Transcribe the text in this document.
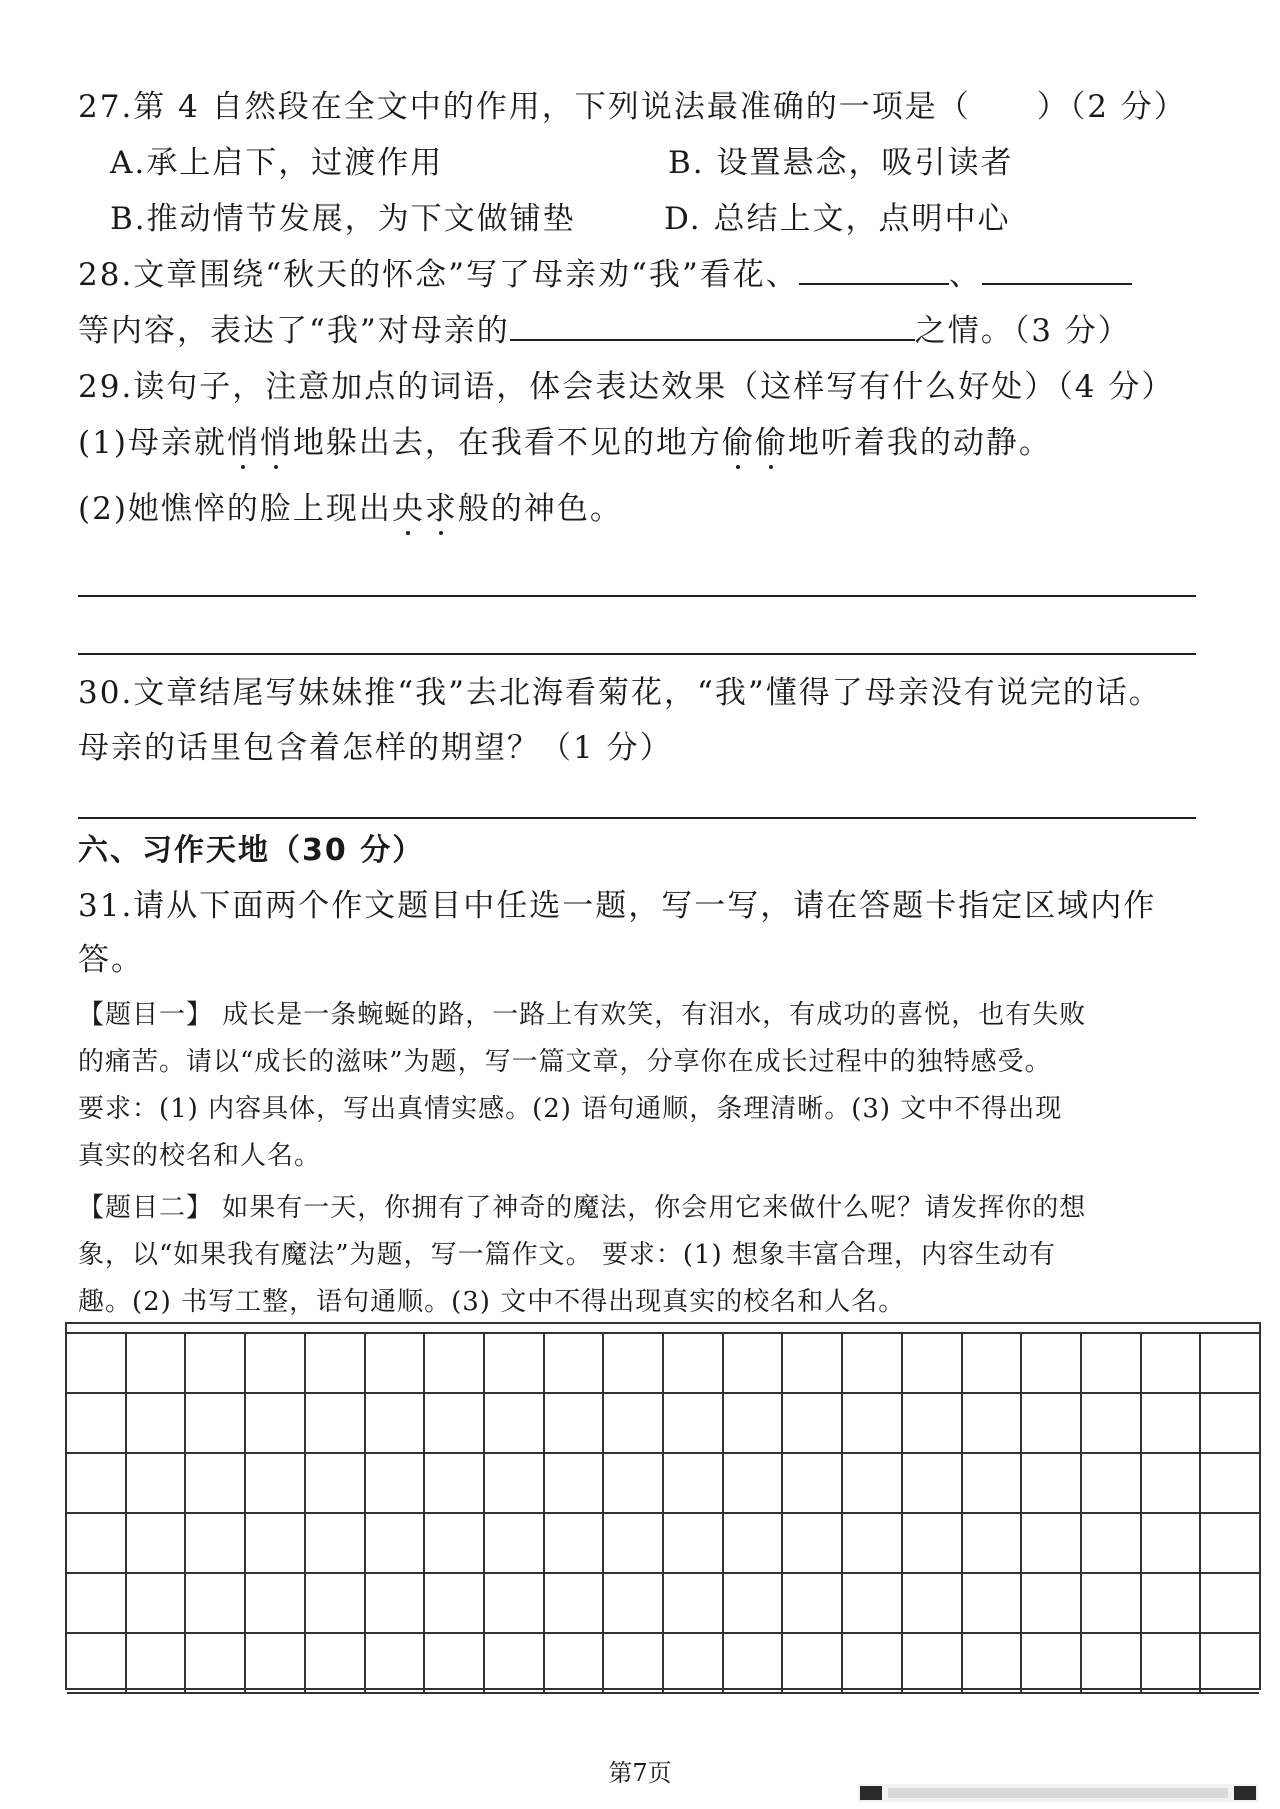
27.第 4 自然段在全文中的作用，下列说法最准确的一项是（　　）（2 分）
A.承上启下，过渡作用	B. 设置悬念，吸引读者
B.推动情节发展，为下文做铺垫	D. 总结上文，点明中心
28.文章围绕“秋天的怀念”写了母亲劝“我”看花、	、
等内容，表达了“我”对母亲的	之情。（3 分）
29.读句子，注意加点的词语，体会表达效果（这样写有什么好处）（4 分）
(1)母亲就悄悄地躲出去，在我看不见的地方偷偷地听着我的动静。
(2)她憔悴的脸上现出央求般的神色。
30.文章结尾写妹妹推“我”去北海看菊花，“我”懂得了母亲没有说完的话。
母亲的话里包含着怎样的期望？（1 分）
六、习作天地（30 分）
31.请从下面两个作文题目中任选一题，写一写，请在答题卡指定区域内作
答。
【题目一】 成长是一条蜿蜒的路，一路上有欢笑，有泪水，有成功的喜悦，也有失败
的痛苦。请以“成长的滋味”为题，写一篇文章，分享你在成长过程中的独特感受。
要求：(1) 内容具体，写出真情实感。(2) 语句通顺，条理清晰。(3) 文中不得出现
真实的校名和人名。
【题目二】 如果有一天，你拥有了神奇的魔法，你会用它来做什么呢？请发挥你的想
象，以“如果我有魔法”为题，写一篇作文。 要求：(1) 想象丰富合理，内容生动有
趣。(2) 书写工整，语句通顺。(3) 文中不得出现真实的校名和人名。
第7页
